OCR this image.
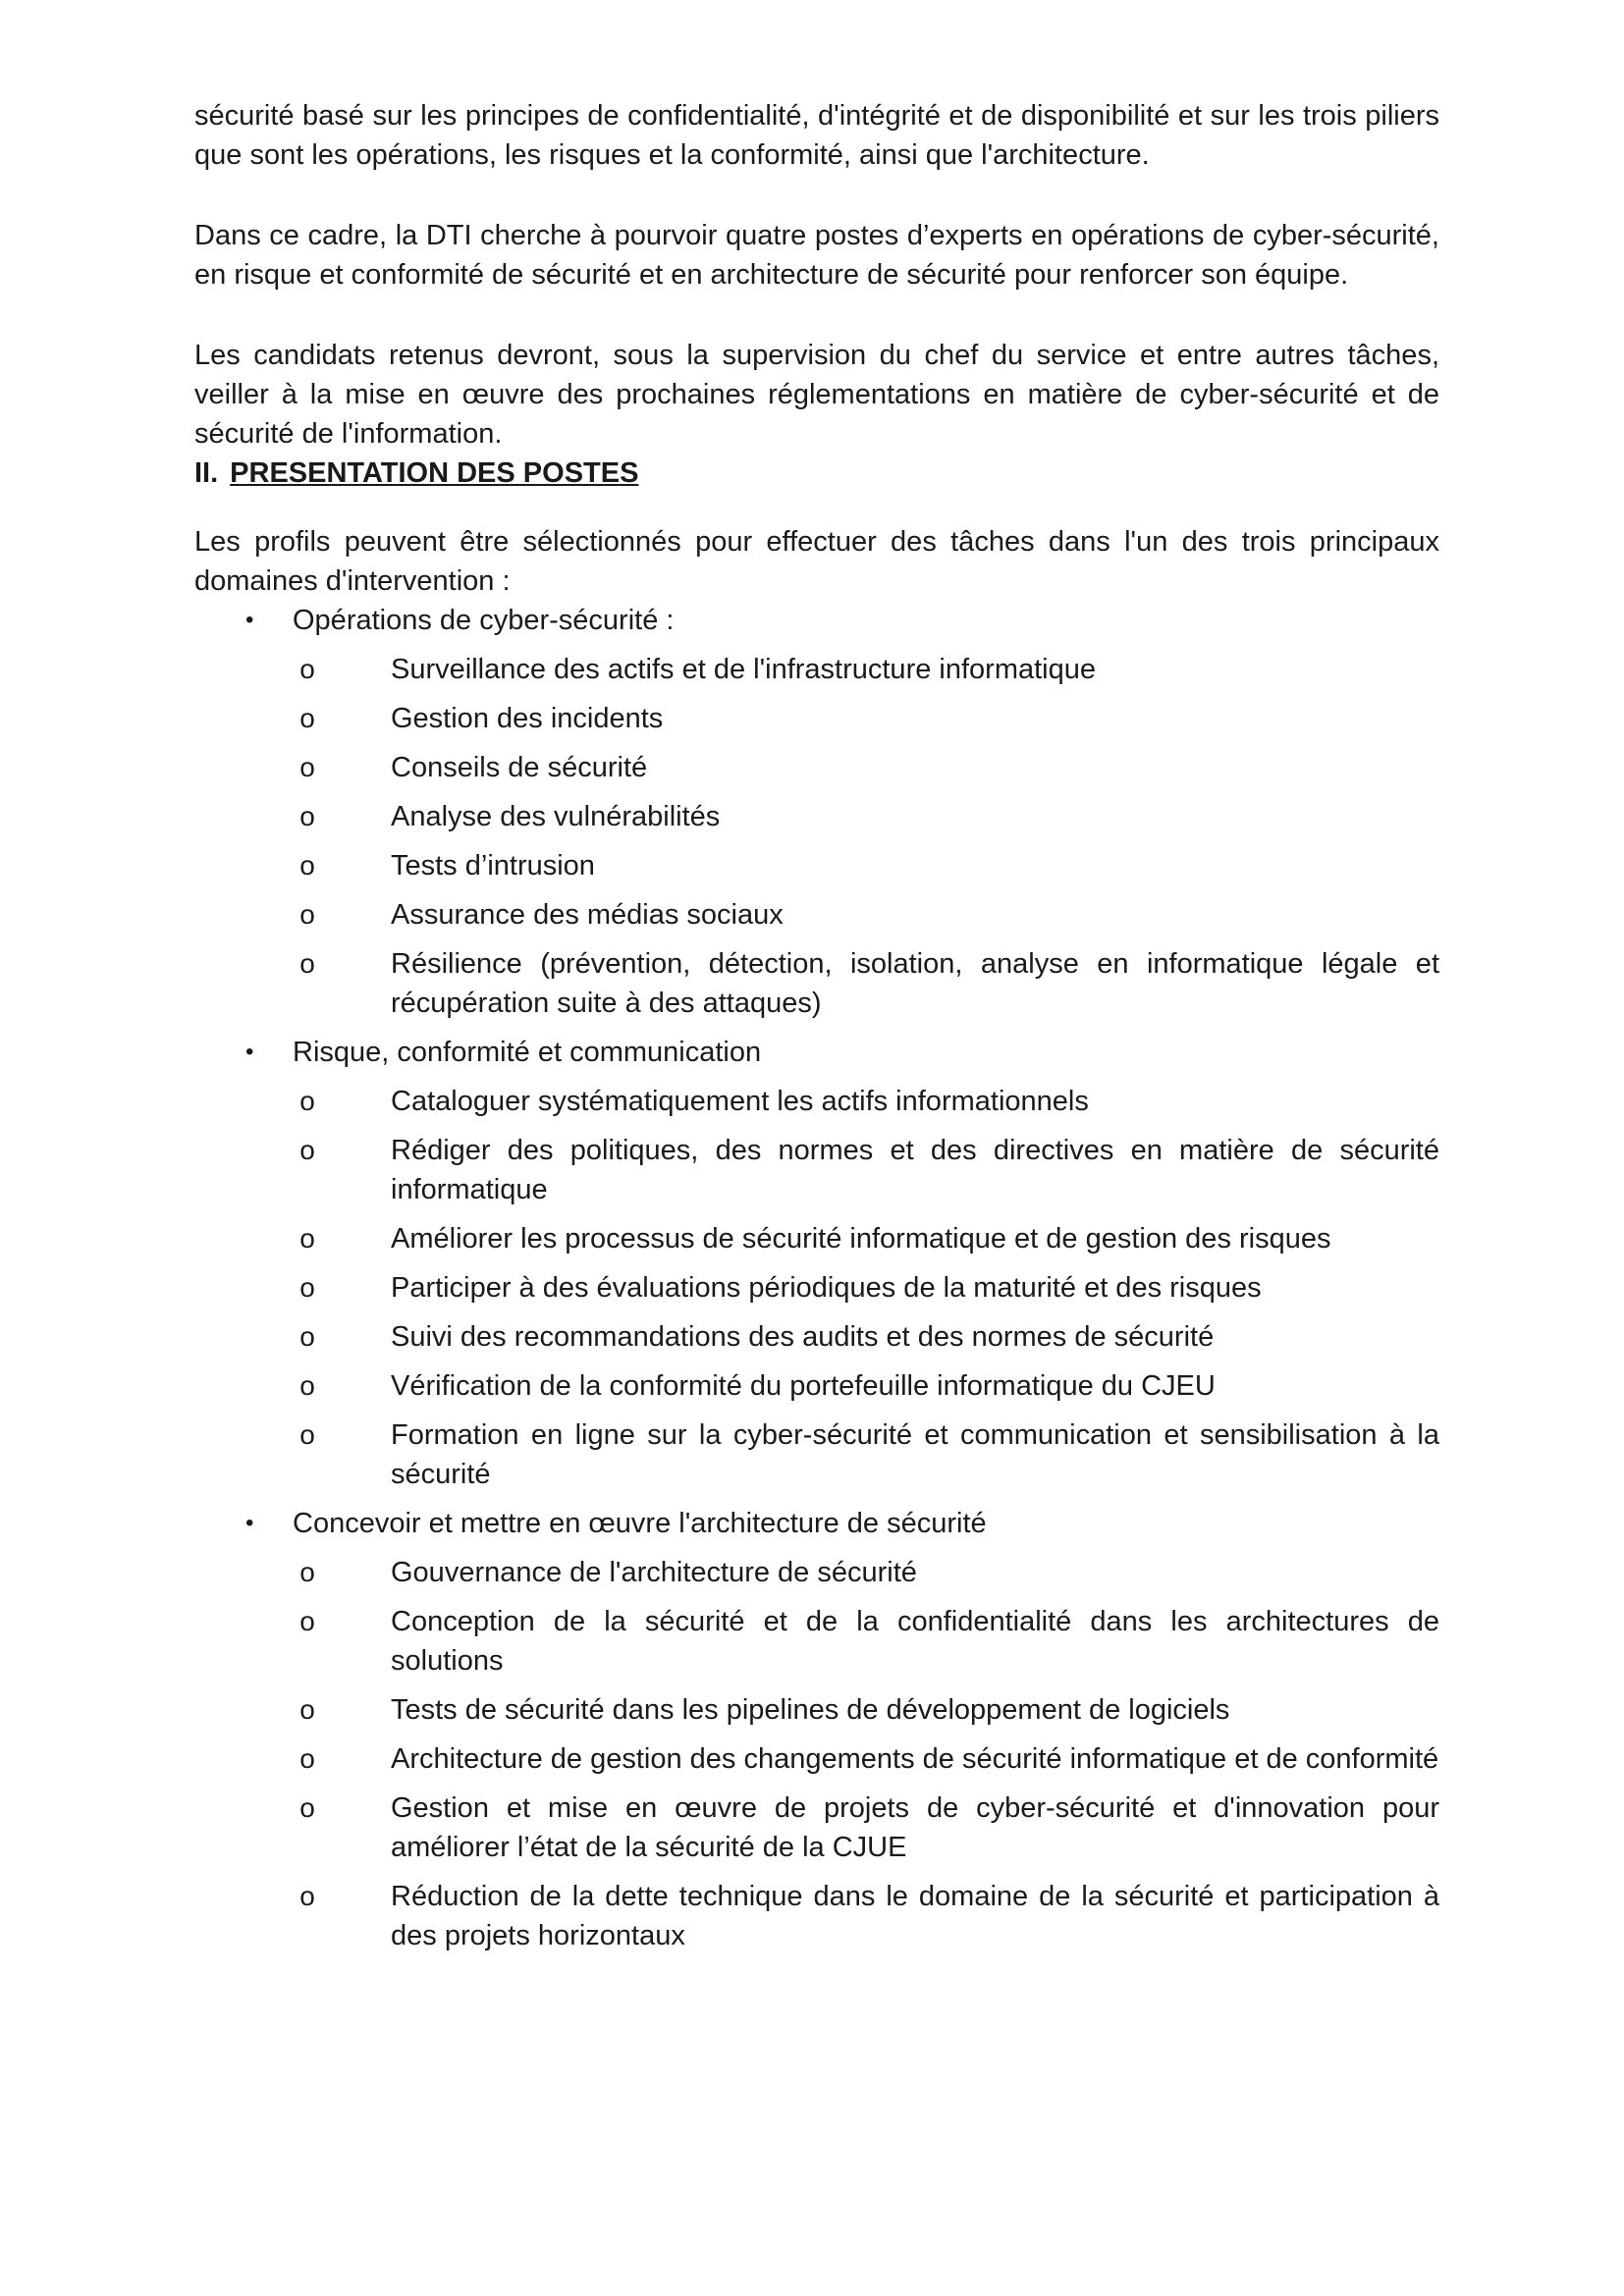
sécurité basé sur les principes de confidentialité, d'intégrité et de disponibilité et sur les trois piliers que sont les opérations, les risques et la conformité, ainsi que l'architecture.

Dans ce cadre, la DTI cherche à pourvoir quatre postes d’experts en opérations de cyber-sécurité, en risque et conformité de sécurité et en architecture de sécurité pour renforcer son équipe.

Les candidats retenus devront, sous la supervision du chef du service et entre autres tâches, veiller à la mise en œuvre des prochaines réglementations en matière de cyber-sécurité et de sécurité de l'information.

II. PRESENTATION DES POSTES

Les profils peuvent être sélectionnés pour effectuer des tâches dans l'un des trois principaux domaines d'intervention :

• Opérations de cyber-sécurité :
o	Surveillance des actifs et de l'infrastructure informatique
o	Gestion des incidents
o	Conseils de sécurité
o	Analyse des vulnérabilités
o	Tests d’intrusion
o	Assurance des médias sociaux
o	Résilience (prévention, détection, isolation, analyse en informatique légale et récupération suite à des attaques)
• Risque, conformité et communication
o	Cataloguer systématiquement les actifs informationnels
o	Rédiger des politiques, des normes et des directives en matière de sécurité informatique
o	Améliorer les processus de sécurité informatique et de gestion des risques
o	Participer à des évaluations périodiques de la maturité et des risques
o	Suivi des recommandations des audits et des normes de sécurité
o	Vérification de la conformité du portefeuille informatique du CJEU
o	Formation en ligne sur la cyber-sécurité et communication et sensibilisation à la sécurité
• Concevoir et mettre en œuvre l'architecture de sécurité
o	Gouvernance de l'architecture de sécurité
o	Conception de la sécurité et de la confidentialité dans les architectures de solutions
o	Tests de sécurité dans les pipelines de développement de logiciels
o	Architecture de gestion des changements de sécurité informatique et de conformité
o	Gestion et mise en œuvre de projets de cyber-sécurité et d'innovation pour améliorer l’état de la sécurité de la CJUE
o	Réduction de la dette technique dans le domaine de la sécurité et participation à des projets horizontaux
